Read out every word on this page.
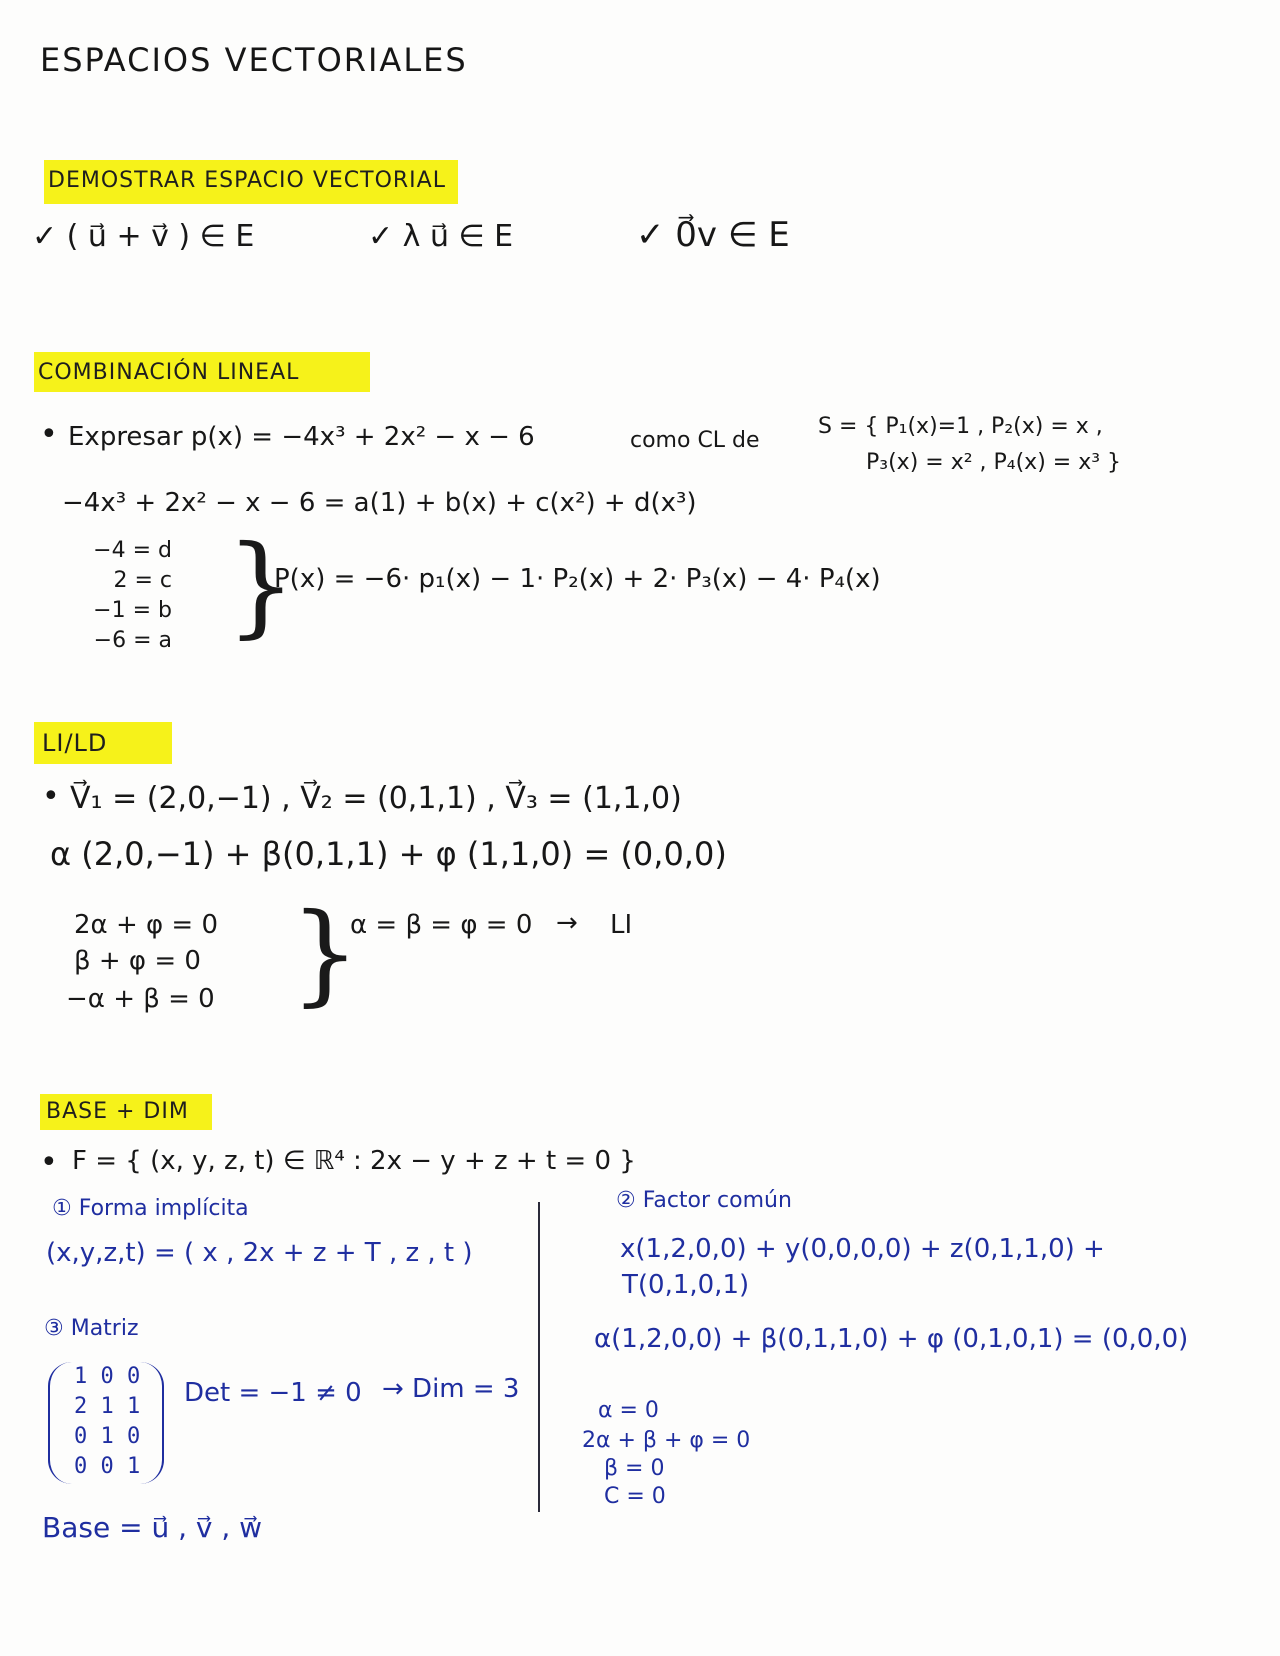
ESPACIOS VECTORIALES
DEMOSTRAR ESPACIO VECTORIAL
✓ ( u⃗ + v⃗ ) ∈ E	✓ λ u⃗ ∈ E	✓ 0⃗v ∈ E
COMBINACIÓN LINEAL
• Expresar p(x) = −4x³ + 2x² − x − 6	como CL de
S = { P₁(x)=1 , P₂(x) = x ,
P₃(x) = x² , P₄(x) = x³ }
−4x³ + 2x² − x − 6 = a(1) + b(x) + c(x²) + d(x³)
−4 = d
2 = c
−1 = b
−6 = a }
P(x) = −6· p₁(x) − 1· P₂(x) + 2· P₃(x) − 4· P₄(x)
LI/LD
• V⃗₁ = (2,0,−1) , V⃗₂ = (0,1,1) , V⃗₃ = (1,1,0)
α (2,0,−1) + β(0,1,1) + φ (1,1,0) = (0,0,0)
2α + φ = 0
β + φ = 0
−α + β = 0 }
α = β = φ = 0 → LI
BASE + DIM
• F = { (x, y, z, t) ∈ ℝ⁴ : 2x − y + z + t = 0 }
① Forma implícita
(x,y,z,t) = ( x , 2x + z + T , z , t )
③ Matriz
1 0 0
2 1 1
0 1 0
0 0 1
Det = −1 ≠ 0 → Dim = 3
Base = u⃗ , v⃗ , w⃗
② Factor común
x(1,2,0,0) + y(0,0,0,0) + z(0,1,1,0) +
T(0,1,0,1)
α(1,2,0,0) + β(0,1,1,0) + φ (0,1,0,1) = (0,0,0)
α = 0
2α + β + φ = 0
β = 0
C = 0
